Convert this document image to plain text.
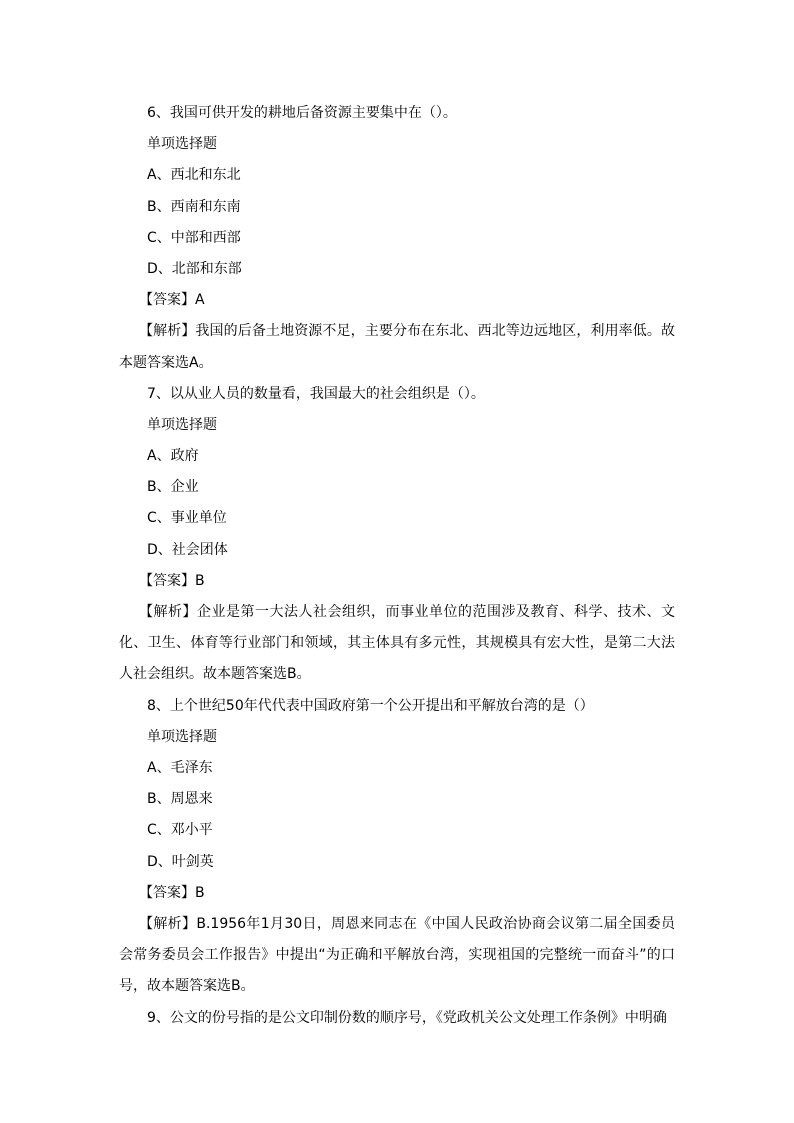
6、我国可供开发的耕地后备资源主要集中在（）。
单项选择题
A、西北和东北
B、西南和东南
C、中部和西部
D、北部和东部
【答案】A
【解析】我国的后备土地资源不足，主要分布在东北、西北等边远地区，利用率低。故本题答案选A。
7、以从业人员的数量看，我国最大的社会组织是（）。
单项选择题
A、政府
B、企业
C、事业单位
D、社会团体
【答案】B
【解析】企业是第一大法人社会组织，而事业单位的范围涉及教育、科学、技术、文化、卫生、体育等行业部门和领域，其主体具有多元性，其规模具有宏大性，是第二大法人社会组织。故本题答案选B。
8、上个世纪50年代代表中国政府第一个公开提出和平解放台湾的是（）
单项选择题
A、毛泽东
B、周恩来
C、邓小平
D、叶剑英
【答案】B
【解析】B.1956年1月30日，周恩来同志在《中国人民政治协商会议第二届全国委员会常务委员会工作报告》中提出“为正确和平解放台湾，实现祖国的完整统一而奋斗”的口号，故本题答案选B。
9、公文的份号指的是公文印制份数的顺序号，《党政机关公文处理工作条例》中明确
